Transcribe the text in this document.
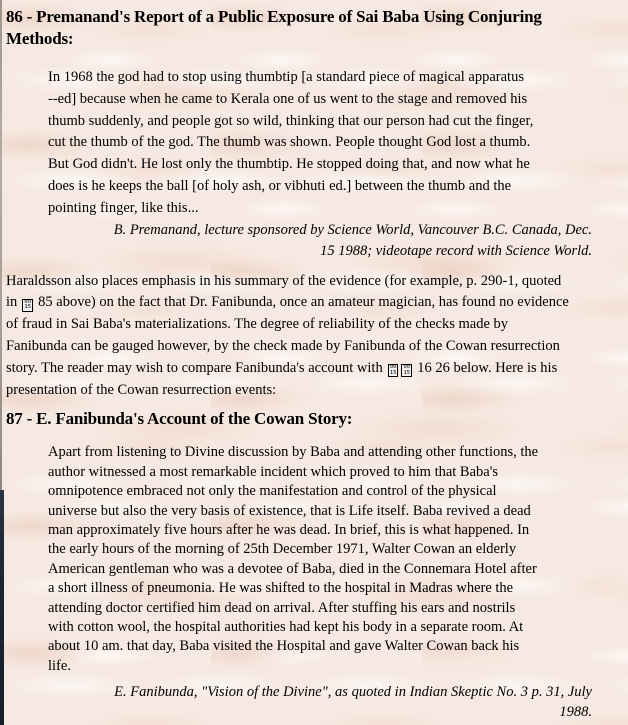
86 - Premanand's Report of a Public Exposure of Sai Baba Using Conjuring
Methods:
In 1968 the god had to stop using thumbtip [a standard piece of magical apparatus
--ed] because when he came to Kerala one of us went to the stage and removed his
thumb suddenly, and people got so wild, thinking that our person had cut the finger,
cut the thumb of the god. The thumb was shown. People thought God lost a thumb.
But God didn't. He lost only the thumbtip. He stopped doing that, and now what he
does is he keeps the ball [of holy ash, or vibhuti ed.] between the thumb and the
pointing finger, like this...
B. Premanand, lecture sponsored by Science World, Vancouver B.C. Canada, Dec.
15 1988; videotape record with Science World.
Haraldsson also places emphasis in his summary of the evidence (for example, p. 290-1, quoted
in 00
15 85 above) on the fact that Dr. Fanibunda, once an amateur magician, has found no evidence
of fraud in Sai Baba's materializations. The degree of reliability of the checks made by
Fanibunda can be gauged however, by the check made by Fanibunda of the Cowan resurrection
story. The reader may wish to compare Fanibunda's account with 00
15
00
15 16 26 below. Here is his
presentation of the Cowan resurrection events:
87 - E. Fanibunda's Account of the Cowan Story:
Apart from listening to Divine discussion by Baba and attending other functions, the
author witnessed a most remarkable incident which proved to him that Baba's
omnipotence embraced not only the manifestation and control of the physical
universe but also the very basis of existence, that is Life itself. Baba revived a dead
man approximately five hours after he was dead. In brief, this is what happened. In
the early hours of the morning of 25th December 1971, Walter Cowan an elderly
American gentleman who was a devotee of Baba, died in the Connemara Hotel after
a short illness of pneumonia. He was shifted to the hospital in Madras where the
attending doctor certified him dead on arrival. After stuffing his ears and nostrils
with cotton wool, the hospital authorities had kept his body in a separate room. At
about 10 am. that day, Baba visited the Hospital and gave Walter Cowan back his
life.
E. Fanibunda, "Vision of the Divine", as quoted in Indian Skeptic No. 3 p. 31, July
1988.
